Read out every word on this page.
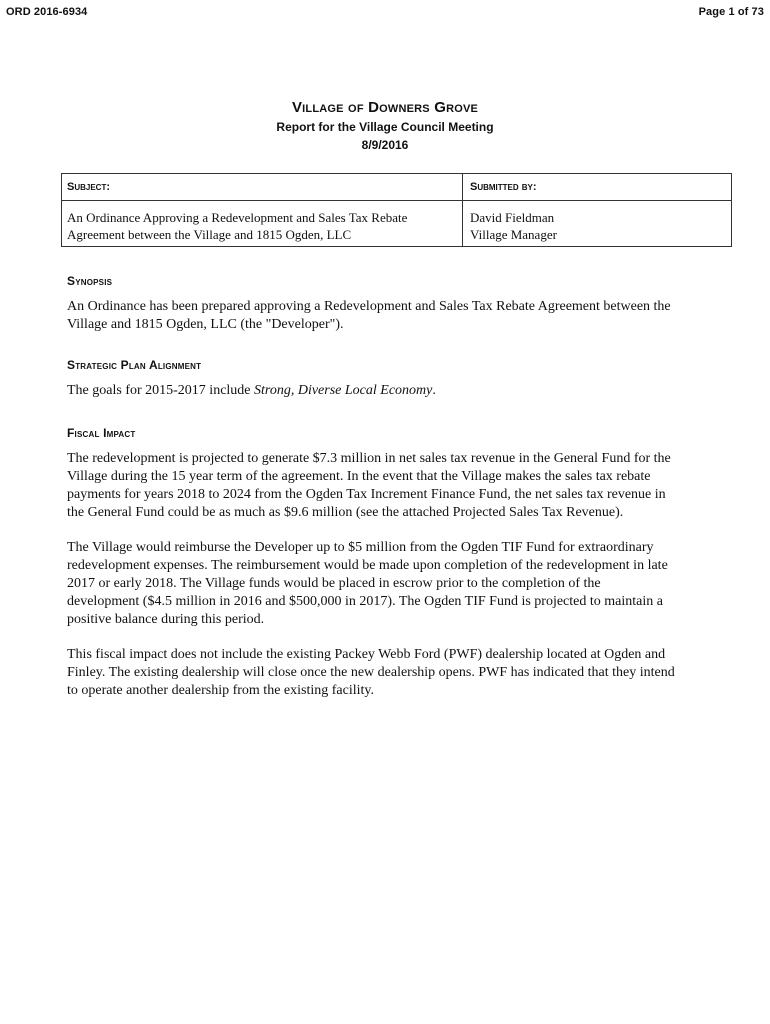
ORD 2016-6934	Page 1 of 73
Village of Downers Grove
Report for the Village Council Meeting
8/9/2016
Subject:	Submitted by:
An Ordinance Approving a Redevelopment and Sales Tax Rebate
Agreement between the Village and 1815 Ogden, LLC
David Fieldman
Village Manager
Synopsis
An Ordinance has been prepared approving a Redevelopment and Sales Tax Rebate Agreement between the
Village and 1815 Ogden, LLC (the "Developer").
Strategic Plan Alignment
The goals for 2015-2017 include Strong, Diverse Local Economy.
Fiscal Impact
The redevelopment is projected to generate $7.3 million in net sales tax revenue in the General Fund for the
Village during the 15 year term of the agreement. In the event that the Village makes the sales tax rebate
payments for years 2018 to 2024 from the Ogden Tax Increment Finance Fund, the net sales tax revenue in
the General Fund could be as much as $9.6 million (see the attached Projected Sales Tax Revenue).
The Village would reimburse the Developer up to $5 million from the Ogden TIF Fund for extraordinary
redevelopment expenses. The reimbursement would be made upon completion of the redevelopment in late
2017 or early 2018. The Village funds would be placed in escrow prior to the completion of the
development ($4.5 million in 2016 and $500,000 in 2017). The Ogden TIF Fund is projected to maintain a
positive balance during this period.
This fiscal impact does not include the existing Packey Webb Ford (PWF) dealership located at Ogden and
Finley. The existing dealership will close once the new dealership opens. PWF has indicated that they intend
to operate another dealership from the existing facility.
